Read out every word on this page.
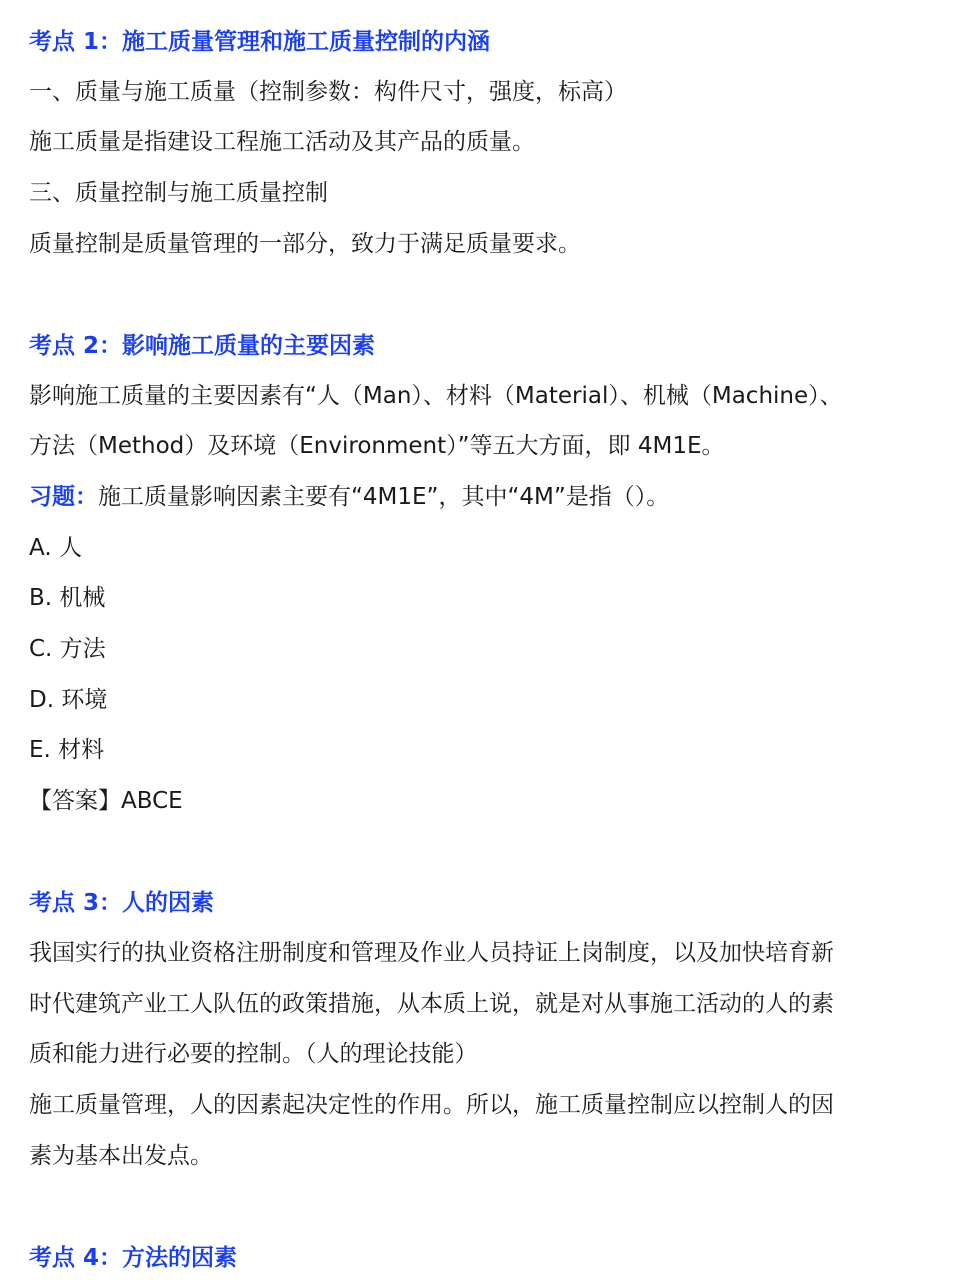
考点 1：施工质量管理和施工质量控制的内涵
一、质量与施工质量（控制参数：构件尺寸，强度，标高）
施工质量是指建设工程施工活动及其产品的质量。
三、质量控制与施工质量控制
质量控制是质量管理的一部分，致力于满足质量要求。
考点 2：影响施工质量的主要因素
影响施工质量的主要因素有“人（Man）、材料（Material）、机械（Machine）、
方法（Method）及环境（Environment）”等五大方面，即 4M1E。
习题：施工质量影响因素主要有“4M1E”，其中“4M”是指（）。
A. 人
B. 机械
C. 方法
D. 环境
E. 材料
【答案】ABCE
考点 3：人的因素
我国实行的执业资格注册制度和管理及作业人员持证上岗制度，以及加快培育新
时代建筑产业工人队伍的政策措施，从本质上说，就是对从事施工活动的人的素
质和能力进行必要的控制。（人的理论技能）
施工质量管理，人的因素起决定性的作用。所以，施工质量控制应以控制人的因
素为基本出发点。
考点 4：方法的因素
